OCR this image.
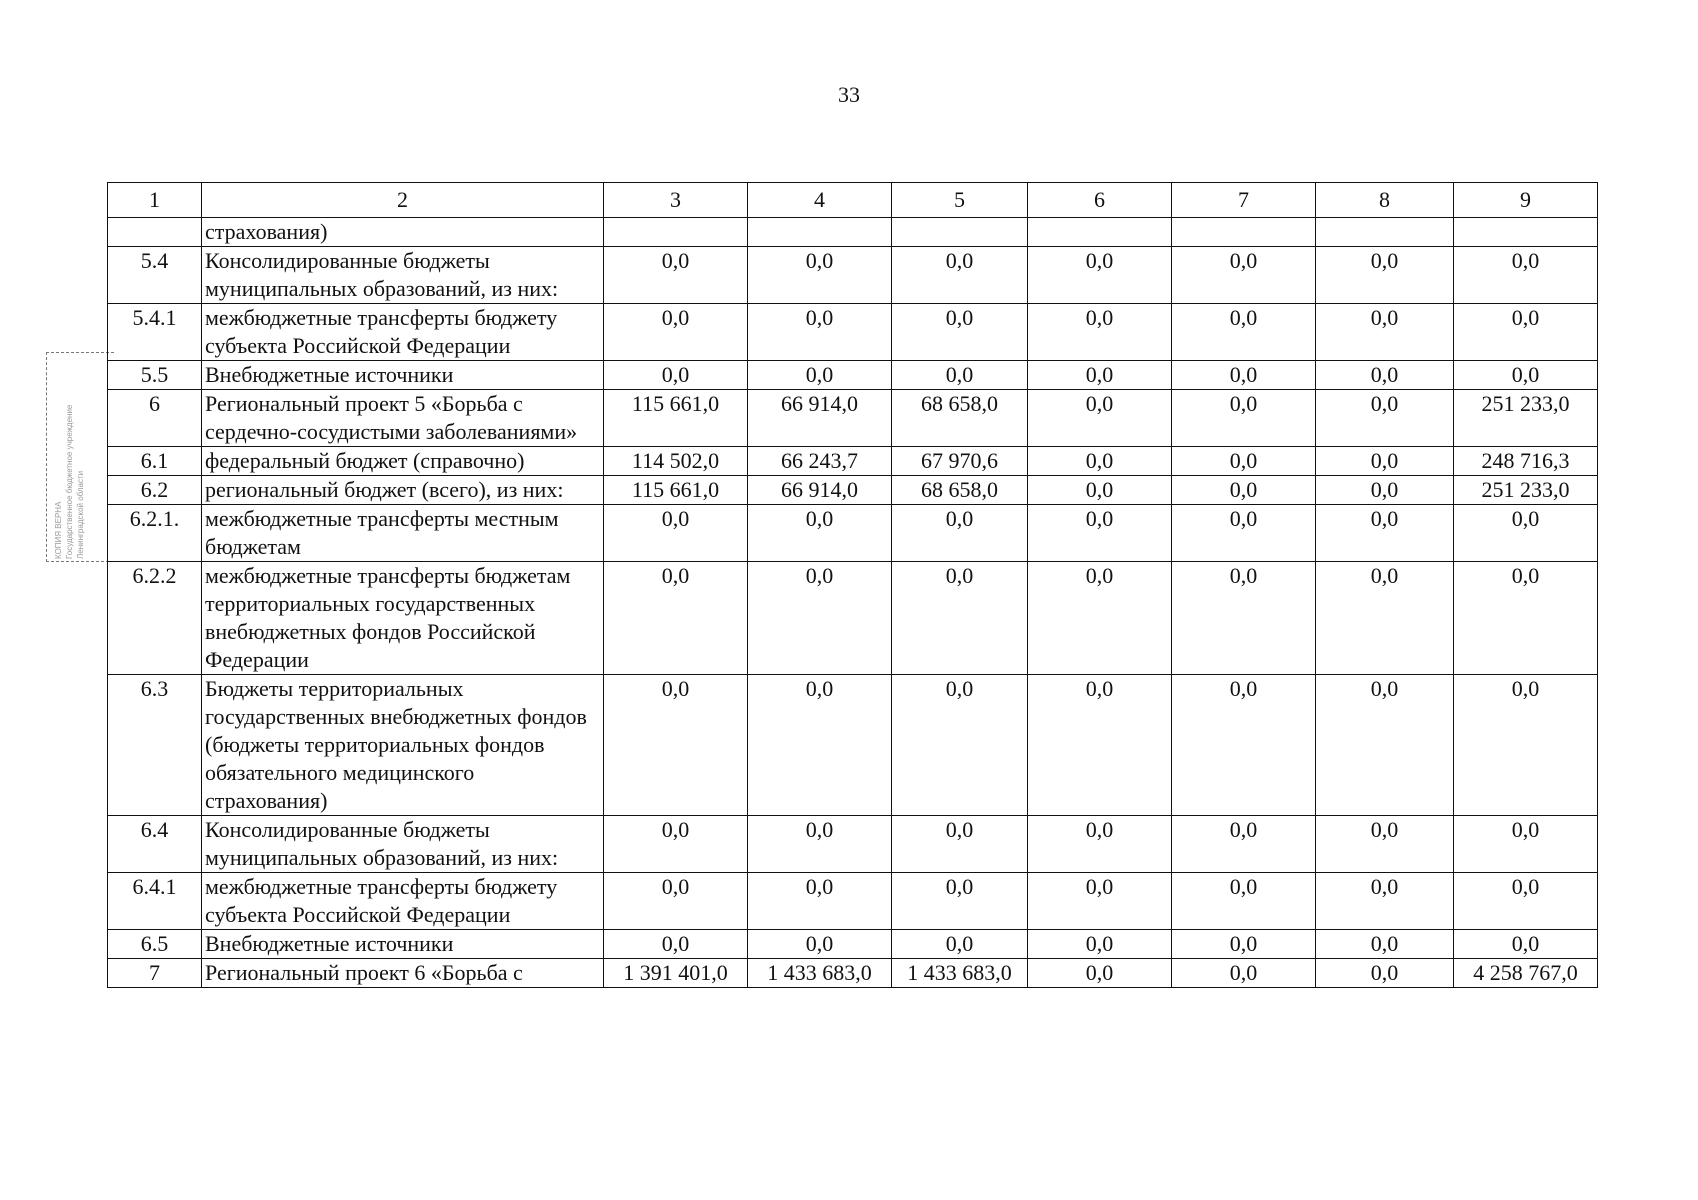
33
КОПИЯ ВЕРНА Государственное бюджетное учреждение Ленинградской области
1	2	3	4	5	6	7	8	9
	страхования)							
5.4	Консолидированные бюджеты муниципальных образований, из них:	0,0	0,0	0,0	0,0	0,0	0,0	0,0
5.4.1	межбюджетные трансферты бюджету субъекта Российской Федерации	0,0	0,0	0,0	0,0	0,0	0,0	0,0
5.5	Внебюджетные источники	0,0	0,0	0,0	0,0	0,0	0,0	0,0
6	Региональный проект 5 «Борьба с сердечно-сосудистыми заболеваниями»	115 661,0	66 914,0	68 658,0	0,0	0,0	0,0	251 233,0
6.1	федеральный бюджет (справочно)	114 502,0	66 243,7	67 970,6	0,0	0,0	0,0	248 716,3
6.2	региональный бюджет (всего), из них:	115 661,0	66 914,0	68 658,0	0,0	0,0	0,0	251 233,0
6.2.1.	межбюджетные трансферты местным бюджетам	0,0	0,0	0,0	0,0	0,0	0,0	0,0
6.2.2	межбюджетные трансферты бюджетам территориальных государственных внебюджетных фондов Российской Федерации	0,0	0,0	0,0	0,0	0,0	0,0	0,0
6.3	Бюджеты территориальных государственных внебюджетных фондов (бюджеты территориальных фондов обязательного медицинского страхования)	0,0	0,0	0,0	0,0	0,0	0,0	0,0
6.4	Консолидированные бюджеты муниципальных образований, из них:	0,0	0,0	0,0	0,0	0,0	0,0	0,0
6.4.1	межбюджетные трансферты бюджету субъекта Российской Федерации	0,0	0,0	0,0	0,0	0,0	0,0	0,0
6.5	Внебюджетные источники	0,0	0,0	0,0	0,0	0,0	0,0	0,0
7	Региональный проект 6 «Борьба с	1 391 401,0	1 433 683,0	1 433 683,0	0,0	0,0	0,0	4 258 767,0
